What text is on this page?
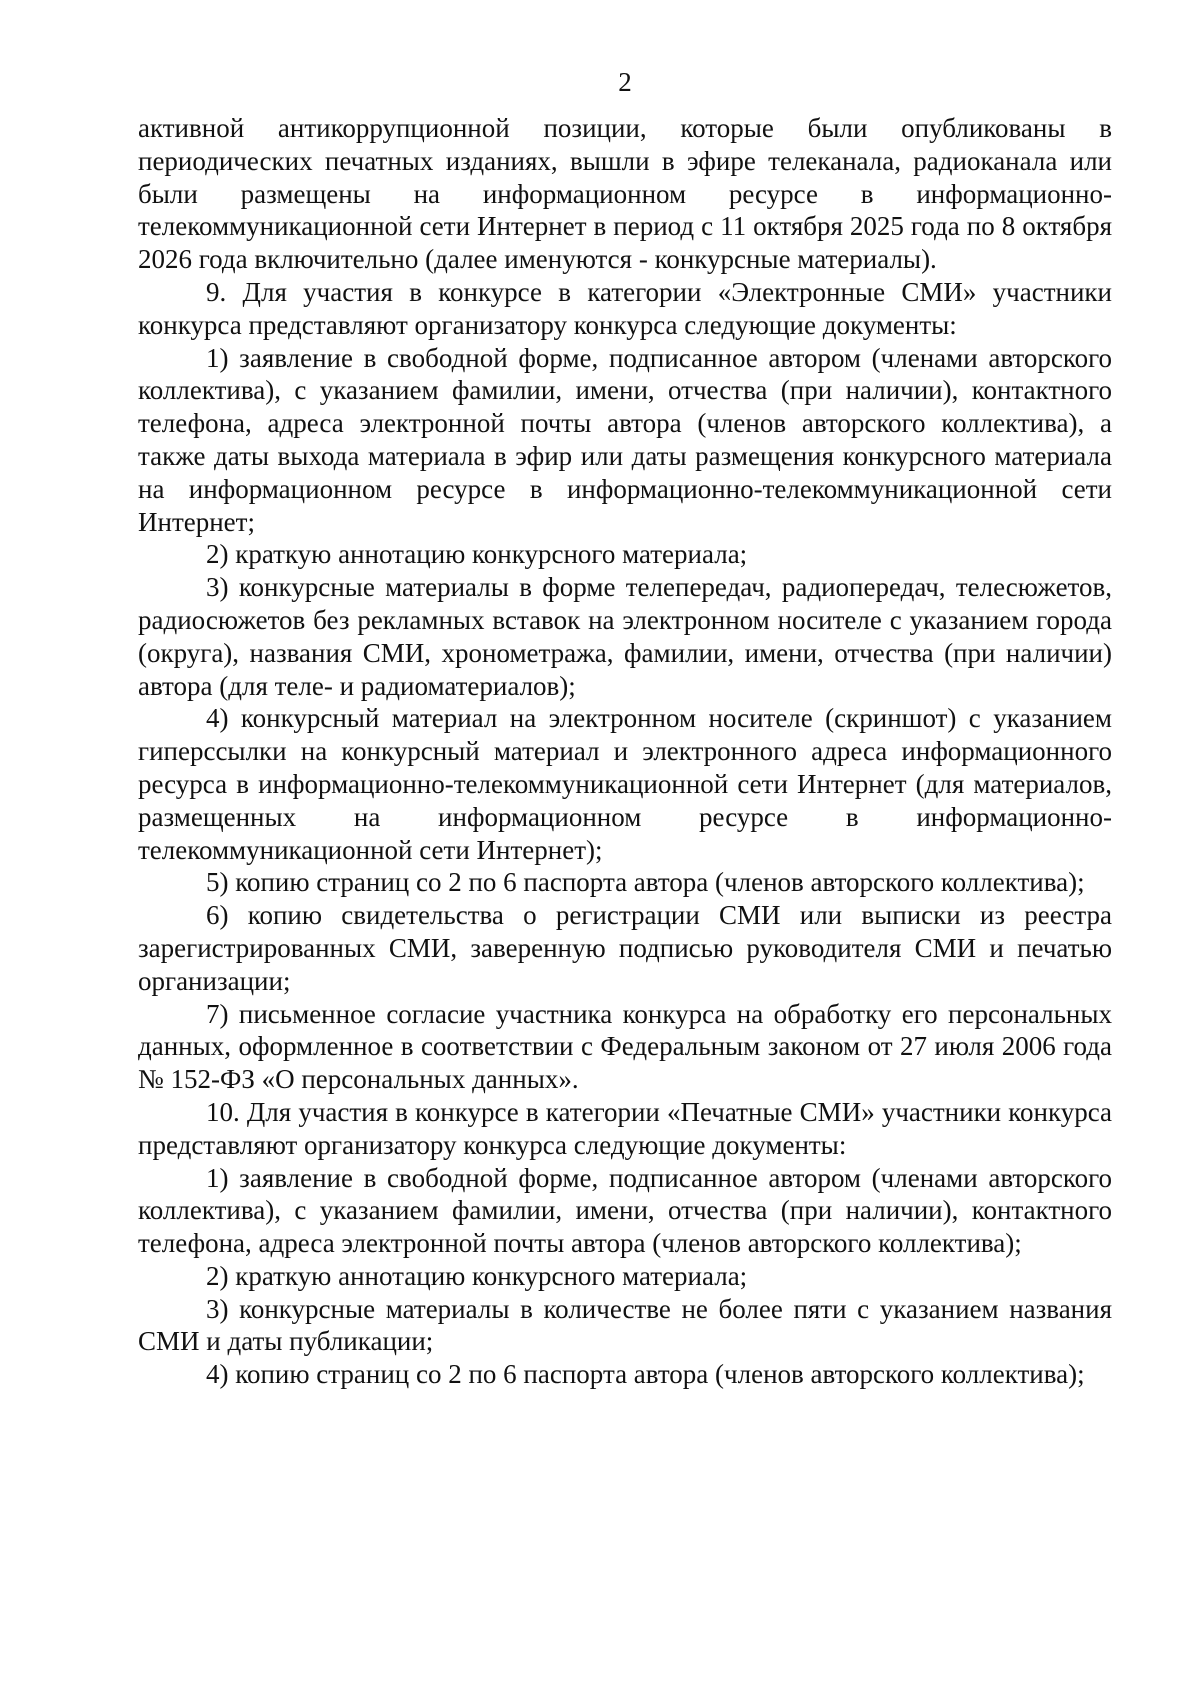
2

активной антикоррупционной позиции, которые были опубликованы в периодических печатных изданиях, вышли в эфире телеканала, радиоканала или были размещены на информационном ресурсе в информационно-телекоммуникационной сети Интернет в период с 11 октября 2025 года по 8 октября 2026 года включительно (далее именуются - конкурсные материалы).

9. Для участия в конкурсе в категории «Электронные СМИ» участники конкурса представляют организатору конкурса следующие документы:

1) заявление в свободной форме, подписанное автором (членами авторского коллектива), с указанием фамилии, имени, отчества (при наличии), контактного телефона, адреса электронной почты автора (членов авторского коллектива), а также даты выхода материала в эфир или даты размещения конкурсного материала на информационном ресурсе в информационно-телекоммуникационной сети Интернет;

2) краткую аннотацию конкурсного материала;

3) конкурсные материалы в форме телепередач, радиопередач, телесюжетов, радиосюжетов без рекламных вставок на электронном носителе с указанием города (округа), названия СМИ, хронометража, фамилии, имени, отчества (при наличии) автора (для теле- и радиоматериалов);

4) конкурсный материал на электронном носителе (скриншот) с указанием гиперссылки на конкурсный материал и электронного адреса информационного ресурса в информационно-телекоммуникационной сети Интернет (для материалов, размещенных на информационном ресурсе в информационно-телекоммуникационной сети Интернет);

5) копию страниц со 2 по 6 паспорта автора (членов авторского коллектива);

6) копию свидетельства о регистрации СМИ или выписки из реестра зарегистрированных СМИ, заверенную подписью руководителя СМИ и печатью организации;

7) письменное согласие участника конкурса на обработку его персональных данных, оформленное в соответствии с Федеральным законом от 27 июля 2006 года № 152-ФЗ «О персональных данных».

10. Для участия в конкурсе в категории «Печатные СМИ» участники конкурса представляют организатору конкурса следующие документы:

1) заявление в свободной форме, подписанное автором (членами авторского коллектива), с указанием фамилии, имени, отчества (при наличии), контактного телефона, адреса электронной почты автора (членов авторского коллектива);

2) краткую аннотацию конкурсного материала;

3) конкурсные материалы в количестве не более пяти с указанием названия СМИ и даты публикации;

4) копию страниц со 2 по 6 паспорта автора (членов авторского коллектива);
